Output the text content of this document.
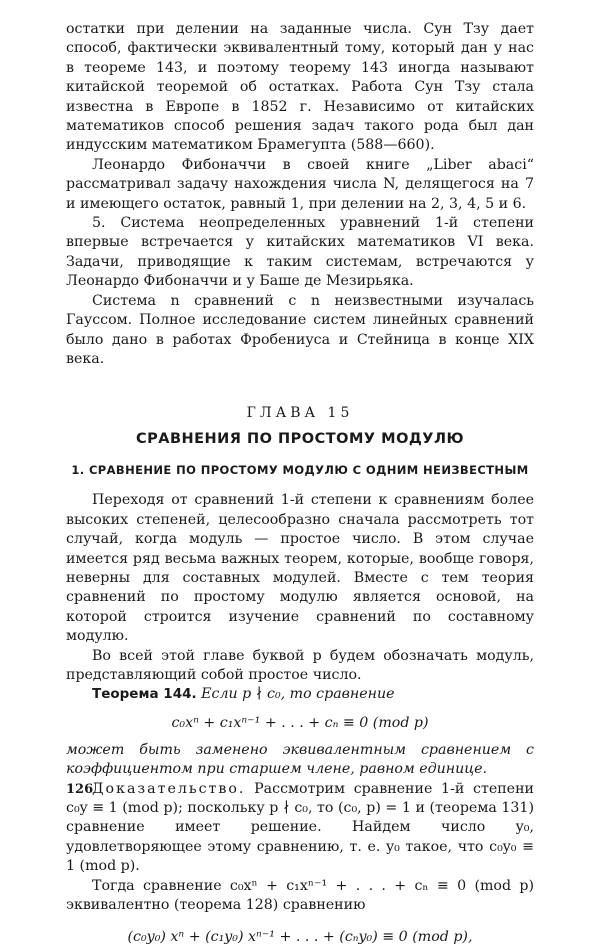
остатки при делении на заданные числа. Сун Тзу дает способ, фактически эквивалентный тому, который дан у нас в теореме 143, и поэтому теорему 143 иногда называют китайской теоремой об остатках. Работа Сун Тзу стала известна в Европе в 1852 г. Независимо от китайских математиков способ решения задач такого рода был дан индусским математиком Брамегупта (588—660).

Леонардо Фибоначчи в своей книге „Liber abaci“ рассматривал задачу нахождения числа N, делящегося на 7 и имеющего остаток, равный 1, при делении на 2, 3, 4, 5 и 6.

5. Система неопределенных уравнений 1-й степени впервые встречается у китайских математиков VI века. Задачи, приводящие к таким системам, встречаются у Леонардо Фибоначчи и у Баше де Мезирьяка.

Система n сравнений с n неизвестными изучалась Гауссом. Полное исследование систем линейных сравнений было дано в работах Фробениуса и Стейница в конце XIX века.

ГЛАВА 15
СРАВНЕНИЯ ПО ПРОСТОМУ МОДУЛЮ
1. СРАВНЕНИЕ ПО ПРОСТОМУ МОДУЛЮ С ОДНИМ НЕИЗВЕСТНЫМ

Переходя от сравнений 1-й степени к сравнениям более высоких степеней, целесообразно сначала рассмотреть тот случай, когда модуль — простое число. В этом случае имеется ряд весьма важных теорем, которые, вообще говоря, неверны для составных модулей. Вместе с тем теория сравнений по простому модулю является основой, на которой строится изучение сравнений по составному модулю.

Во всей этой главе буквой p будем обозначать модуль, представляющий собой простое число.

Теорема 144. Если p ∤ c₀, то сравнение

c₀xⁿ + c₁xⁿ⁻¹ + . . . + cₙ ≡ 0 (mod p)

может быть заменено эквивалентным сравнением с коэффициентом при старшем члене, равном единице.

Доказательство. Рассмотрим сравнение 1-й степени c₀y ≡ 1 (mod p); поскольку p ∤ c₀, то (c₀, p) = 1 и (теорема 131) сравнение имеет решение. Найдем число y₀, удовлетворяющее этому сравнению, т. е. y₀ такое, что c₀y₀ ≡ 1 (mod p).

Тогда сравнение c₀xⁿ + c₁xⁿ⁻¹ + . . . + cₙ ≡ 0 (mod p) эквивалентно (теорема 128) сравнению

(c₀y₀) xⁿ + (c₁y₀) xⁿ⁻¹ + . . . + (cₙy₀) ≡ 0 (mod p),
126
